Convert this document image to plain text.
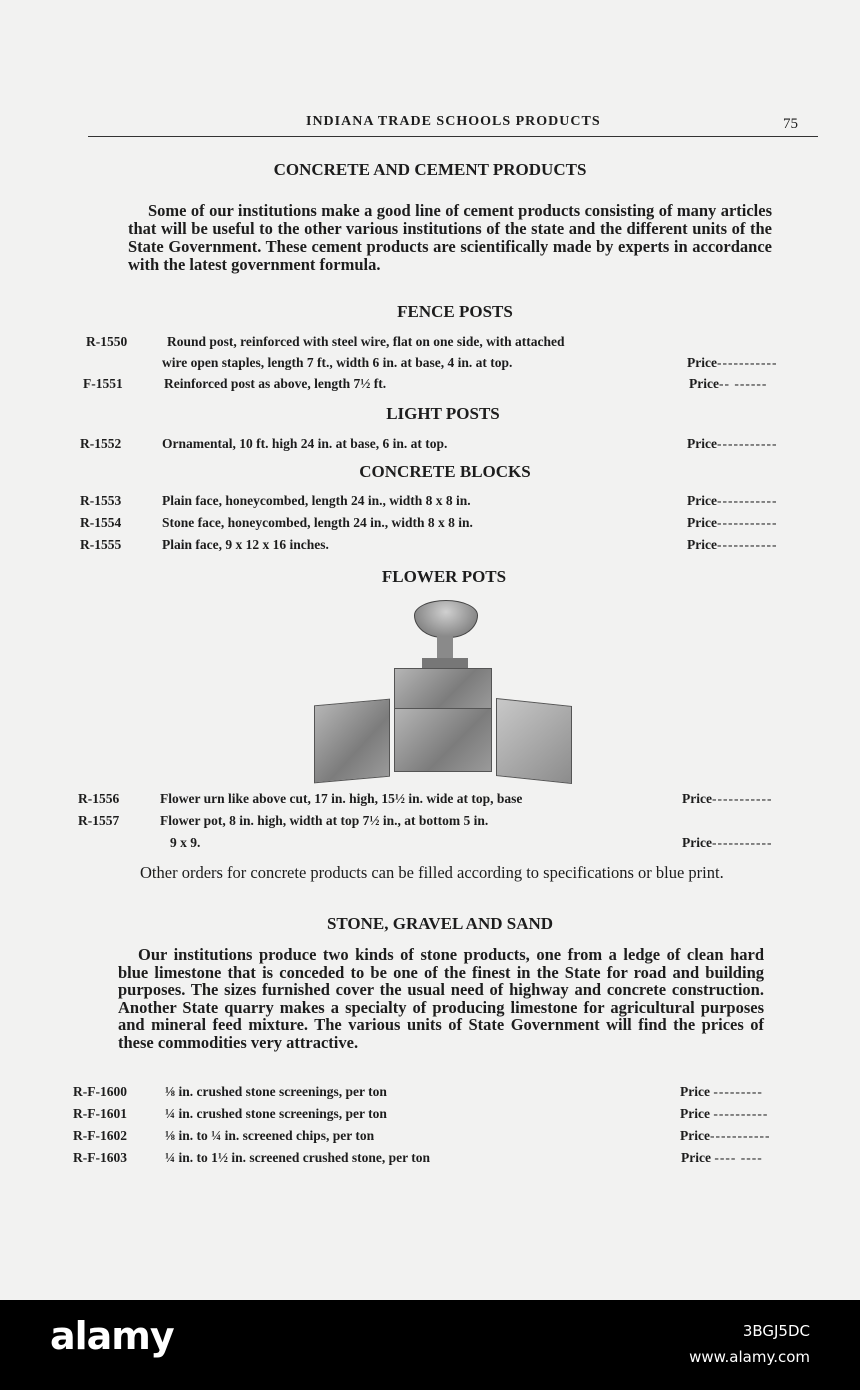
INDIANA TRADE SCHOOLS PRODUCTS	75
CONCRETE AND CEMENT PRODUCTS
Some of our institutions make a good line of cement products consisting of many articles that will be useful to the other various institutions of the state and the different units of the State Government. These cement products are scientifically made by experts in accordance with the latest government formula.
FENCE POSTS
R-1550	Round post, reinforced with steel wire, flat on one side, with attached
wire open staples, length 7 ft., width 6 in. at base, 4 in. at top.	Price-----------
F-1551	Reinforced post as above, length 7½ ft.	Price-- ------
LIGHT POSTS
R-1552	Ornamental, 10 ft. high 24 in. at base, 6 in. at top.	Price-----------
CONCRETE BLOCKS
R-1553	Plain face, honeycombed, length 24 in., width 8 x 8 in.	Price-----------
R-1554	Stone face, honeycombed, length 24 in., width 8 x 8 in.	Price-----------
R-1555	Plain face, 9 x 12 x 16 inches.	Price-----------
FLOWER POTS
R-1556	Flower urn like above cut, 17 in. high, 15½ in. wide at top, base	Price-----------
R-1557	Flower pot, 8 in. high, width at top 7½ in., at bottom 5 in.
9 x 9.	Price-----------
Other orders for concrete products can be filled according to specifications or blue print.
STONE, GRAVEL AND SAND
Our institutions produce two kinds of stone products, one from a ledge of clean hard blue limestone that is conceded to be one of the finest in the State for road and building purposes. The sizes furnished cover the usual need of highway and concrete construction. Another State quarry makes a specialty of producing limestone for agricultural purposes and mineral feed mixture. The various units of State Government will find the prices of these commodities very attractive.
R-F-1600	⅛ in. crushed stone screenings, per ton	Price ---------
R-F-1601	¼ in. crushed stone screenings, per ton	Price ----------
R-F-1602	⅛ in. to ¼ in. screened chips, per ton	Price-----------
R-F-1603	¼ in. to 1½ in. screened crushed stone, per ton	Price ---- ----
alamy	3BGJ5DC
www.alamy.com
